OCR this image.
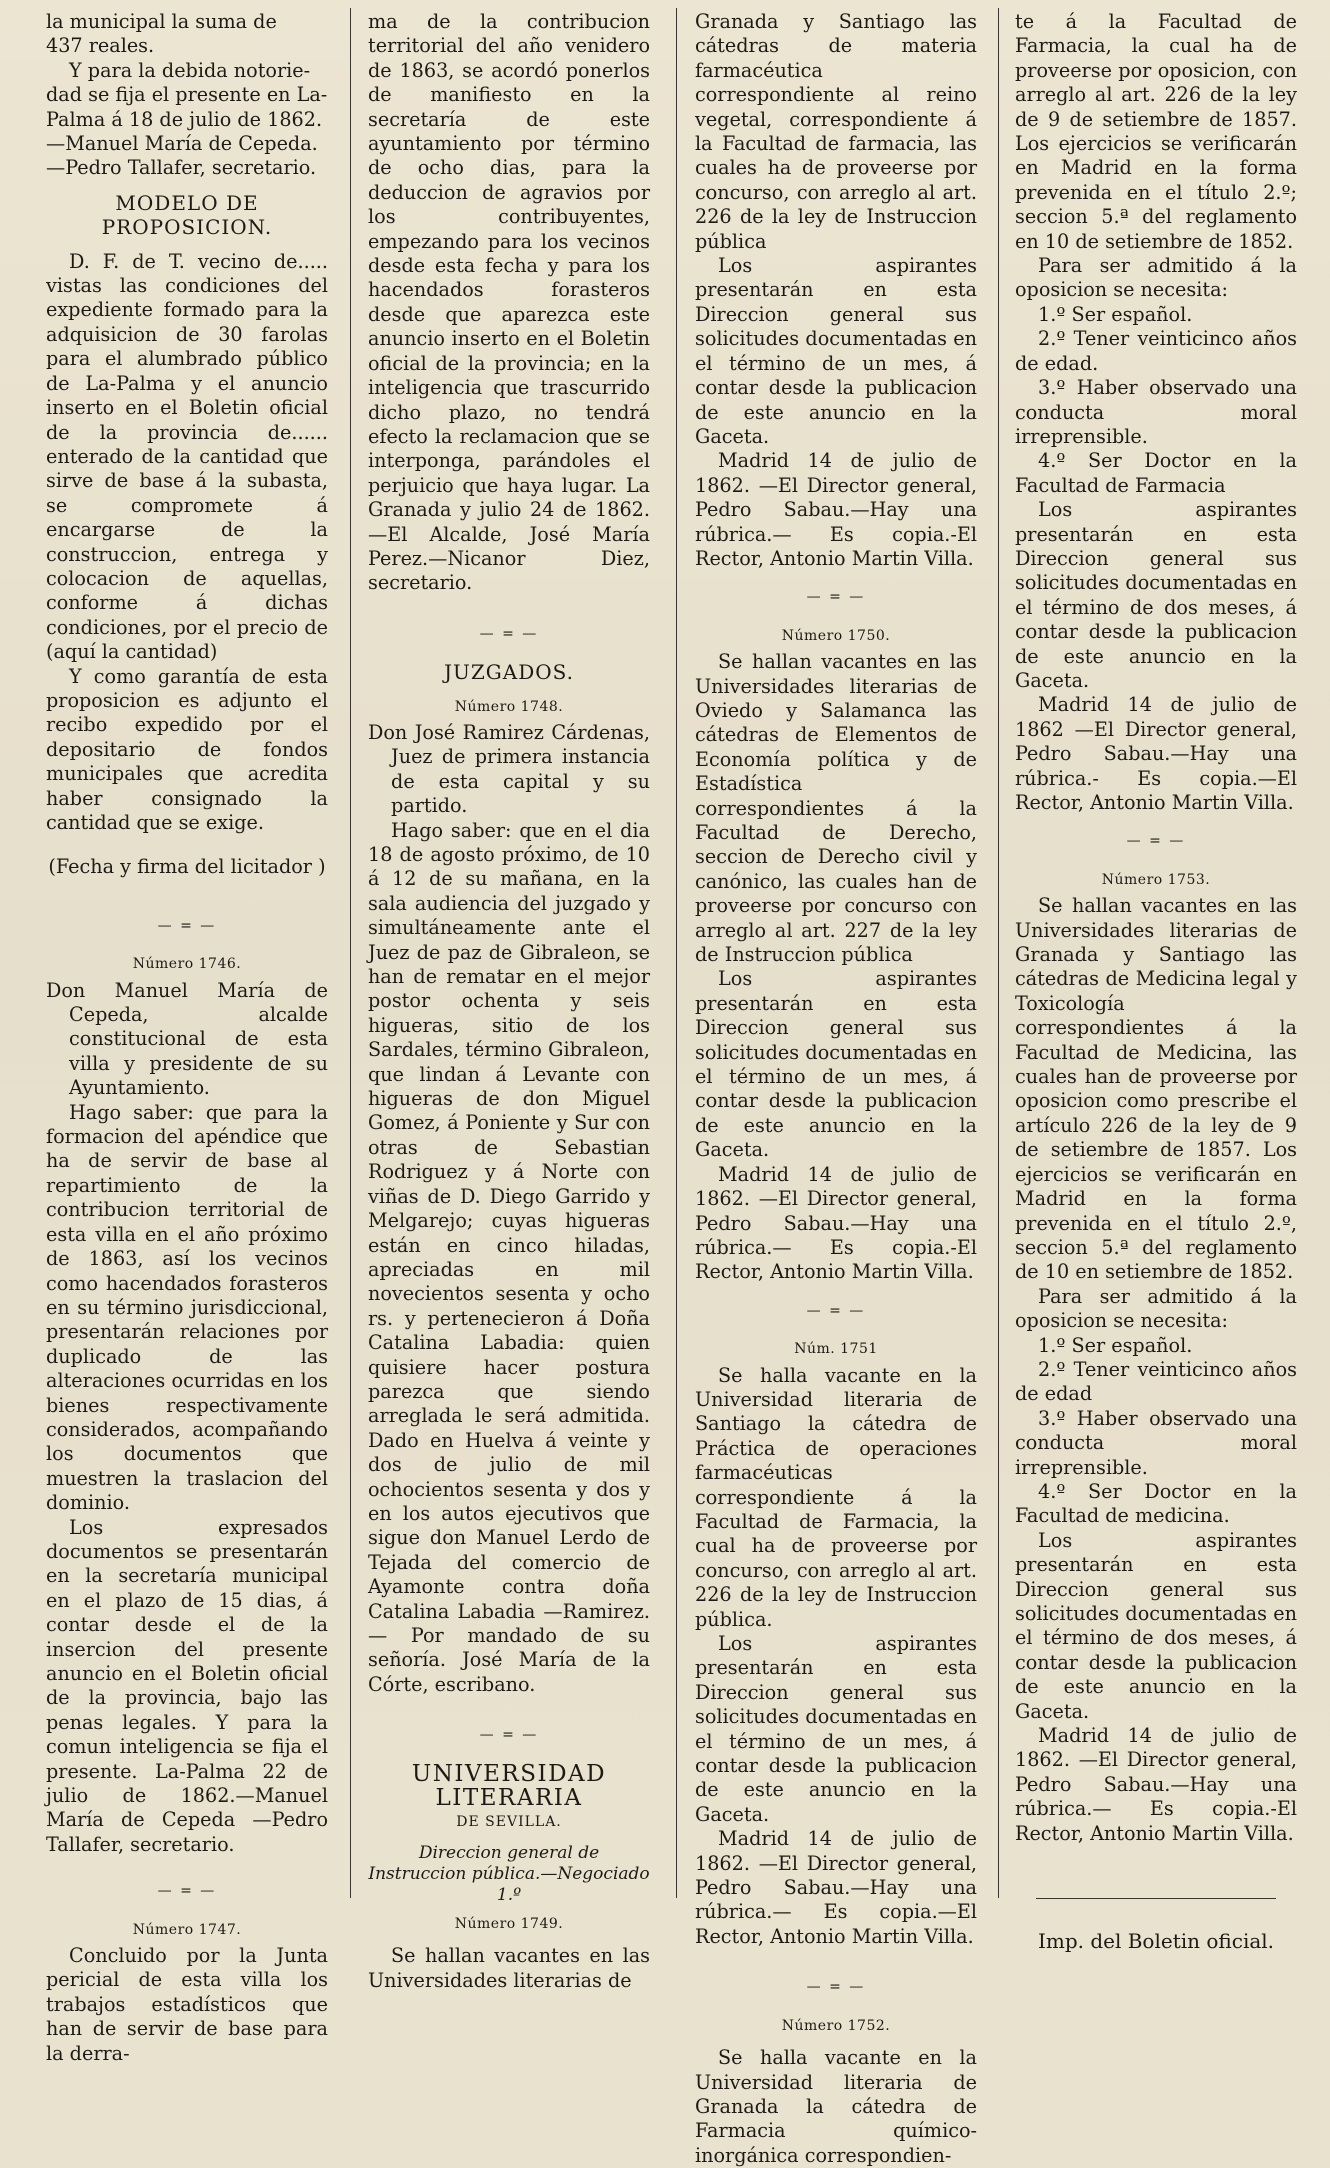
la municipal la suma de

437 reales.

Y para la debida notorie-

dad se fija el presente en La-

Palma á 18 de julio de 1862.

—Manuel María de Cepeda.

—Pedro Tallafer, secretario.

MODELO DE PROPOSICION.

D. F. de T. vecino de..... vistas las condiciones del expediente formado para la adquisicion de 30 farolas para el alumbrado público de La-Palma y el anuncio inserto en el Boletin oficial de la provincia de...... enterado de la cantidad que sirve de base á la subasta, se compromete á encargarse de la construccion, entrega y colocacion de aquellas, conforme á dichas condiciones, por el precio de (aquí la cantidad)

Y como garantía de esta proposicion es adjunto el recibo expedido por el depositario de fondos municipales que acredita haber consignado la cantidad que se exige.

(Fecha y firma del licitador )

— = —

Número 1746.

Don Manuel María de Cepeda, alcalde constitucional de esta villa y presidente de su Ayuntamiento.

Hago saber: que para la formacion del apéndice que ha de servir de base al repartimiento de la contribucion territorial de esta villa en el año próximo de 1863, así los vecinos como hacendados forasteros en su término jurisdiccional, presentarán relaciones por duplicado de las alteraciones ocurridas en los bienes respectivamente considerados, acompañando los documentos que muestren la traslacion del dominio.

Los expresados documentos se presentarán en la secretaría municipal en el plazo de 15 dias, á contar desde el de la insercion del presente anuncio en el Boletin oficial de la provincia, bajo las penas legales. Y para la comun inteligencia se fija el presente. La-Palma 22 de julio de 1862.—Manuel María de Cepeda —Pedro Tallafer, secretario.

— = —

Número 1747.

Concluido por la Junta pericial de esta villa los trabajos estadísticos que han de servir de base para la derra-

ma de la contribucion territorial del año venidero de 1863, se acordó ponerlos de manifiesto en la secretaría de este ayuntamiento por término de ocho dias, para la deduccion de agravios por los contribuyentes, empezando para los vecinos desde esta fecha y para los hacendados forasteros desde que aparezca este anuncio inserto en el Boletin oficial de la provincia; en la inteligencia que trascurrido dicho plazo, no tendrá efecto la reclamacion que se interponga, parándoles el perjuicio que haya lugar. La Granada y julio 24 de 1862.—El Alcalde, José María Perez.—Nicanor Diez, secretario.

— = —

JUZGADOS.

Número 1748.

Don José Ramirez Cárdenas, Juez de primera instancia de esta capital y su partido.

Hago saber: que en el dia 18 de agosto próximo, de 10 á 12 de su mañana, en la sala audiencia del juzgado y simultáneamente ante el Juez de paz de Gibraleon, se han de rematar en el mejor postor ochenta y seis higueras, sitio de los Sardales, término Gibraleon, que lindan á Levante con higueras de don Miguel Gomez, á Poniente y Sur con otras de Sebastian Rodriguez y á Norte con viñas de D. Diego Garrido y Melgarejo; cuyas higueras están en cinco hiladas, apreciadas en mil novecientos sesenta y ocho rs. y pertenecieron á Doña Catalina Labadia: quien quisiere hacer postura parezca que siendo arreglada le será admitida. Dado en Huelva á veinte y dos de julio de mil ochocientos sesenta y dos y en los autos ejecutivos que sigue don Manuel Lerdo de Tejada del comercio de Ayamonte contra doña Catalina Labadia —Ramirez.— Por mandado de su señoría. José María de la Córte, escribano.

— = —

UNIVERSIDAD LITERARIA

DE SEVILLA.

Direccion general de Instruccion pública.—Negociado 1.º

Número 1749.

Se hallan vacantes en las Universidades literarias de

Granada y Santiago las cátedras de materia farmacéutica correspondiente al reino vegetal, correspondiente á la Facultad de farmacia, las cuales ha de proveerse por concurso, con arreglo al art. 226 de la ley de Instruccion pública

Los aspirantes presentarán en esta Direccion general sus solicitudes documentadas en el término de un mes, á contar desde la publicacion de este anuncio en la Gaceta.

Madrid 14 de julio de 1862. —El Director general, Pedro Sabau.—Hay una rúbrica.— Es copia.-El Rector, Antonio Martin Villa.

— = —

Número 1750.

Se hallan vacantes en las Universidades literarias de Oviedo y Salamanca las cátedras de Elementos de Economía política y de Estadística correspondientes á la Facultad de Derecho, seccion de Derecho civil y canónico, las cuales han de proveerse por concurso con arreglo al art. 227 de la ley de Instruccion pública

Los aspirantes presentarán en esta Direccion general sus solicitudes documentadas en el término de un mes, á contar desde la publicacion de este anuncio en la Gaceta.

Madrid 14 de julio de 1862. —El Director general, Pedro Sabau.—Hay una rúbrica.— Es copia.-El Rector, Antonio Martin Villa.

— = —

Núm. 1751

Se halla vacante en la Universidad literaria de Santiago la cátedra de Práctica de operaciones farmacéuticas correspondiente á la Facultad de Farmacia, la cual ha de proveerse por concurso, con arreglo al art. 226 de la ley de Instruccion pública.

Los aspirantes presentarán en esta Direccion general sus solicitudes documentadas en el término de un mes, á contar desde la publicacion de este anuncio en la Gaceta.

Madrid 14 de julio de 1862. —El Director general, Pedro Sabau.—Hay una rúbrica.— Es copia.—El Rector, Antonio Martin Villa.

— = —

Número 1752.

Se halla vacante en la Universidad literaria de Granada la cátedra de Farmacia químico-inorgánica correspondien-

te á la Facultad de Farmacia, la cual ha de proveerse por oposicion, con arreglo al art. 226 de la ley de 9 de setiembre de 1857. Los ejercicios se verificarán en Madrid en la forma prevenida en el título 2.º; seccion 5.ª del reglamento en 10 de setiembre de 1852.

Para ser admitido á la oposicion se necesita:

1.º Ser español.

2.º Tener veinticinco años de edad.

3.º Haber observado una conducta moral irreprensible.

4.º Ser Doctor en la Facultad de Farmacia

Los aspirantes presentarán en esta Direccion general sus solicitudes documentadas en el término de dos meses, á contar desde la publicacion de este anuncio en la Gaceta.

Madrid 14 de julio de 1862 —El Director general, Pedro Sabau.—Hay una rúbrica.- Es copia.—El Rector, Antonio Martin Villa.

— = —

Número 1753.

Se hallan vacantes en las Universidades literarias de Granada y Santiago las cátedras de Medicina legal y Toxicología correspondientes á la Facultad de Medicina, las cuales han de proveerse por oposicion como prescribe el artículo 226 de la ley de 9 de setiembre de 1857. Los ejercicios se verificarán en Madrid en la forma prevenida en el título 2.º, seccion 5.ª del reglamento de 10 en setiembre de 1852.

Para ser admitido á la oposicion se necesita:

1.º Ser español.

2.º Tener veinticinco años de edad

3.º Haber observado una conducta moral irreprensible.

4.º Ser Doctor en la Facultad de medicina.

Los aspirantes presentarán en esta Direccion general sus solicitudes documentadas en el término de dos meses, á contar desde la publicacion de este anuncio en la Gaceta.

Madrid 14 de julio de 1862. —El Director general, Pedro Sabau.—Hay una rúbrica.— Es copia.-El Rector, Antonio Martin Villa.

Imp. del Boletin oficial.
